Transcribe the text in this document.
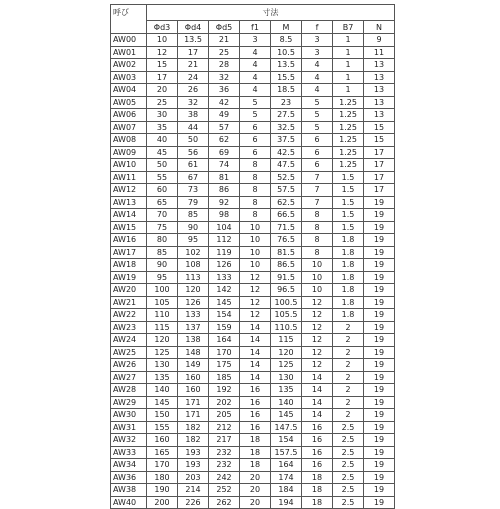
呼び	寸法							
	Φd3	Φd4	Φd5	f1	M	f	B7	N
AW00	10	13.5	21	3	8.5	3	1	9
AW01	12	17	25	4	10.5	3	1	11
AW02	15	21	28	4	13.5	4	1	13
AW03	17	24	32	4	15.5	4	1	13
AW04	20	26	36	4	18.5	4	1	13
AW05	25	32	42	5	23	5	1.25	13
AW06	30	38	49	5	27.5	5	1.25	13
AW07	35	44	57	6	32.5	5	1.25	15
AW08	40	50	62	6	37.5	6	1.25	15
AW09	45	56	69	6	42.5	6	1.25	17
AW10	50	61	74	8	47.5	6	1.25	17
AW11	55	67	81	8	52.5	7	1.5	17
AW12	60	73	86	8	57.5	7	1.5	17
AW13	65	79	92	8	62.5	7	1.5	19
AW14	70	85	98	8	66.5	8	1.5	19
AW15	75	90	104	10	71.5	8	1.5	19
AW16	80	95	112	10	76.5	8	1.8	19
AW17	85	102	119	10	81.5	8	1.8	19
AW18	90	108	126	10	86.5	10	1.8	19
AW19	95	113	133	12	91.5	10	1.8	19
AW20	100	120	142	12	96.5	10	1.8	19
AW21	105	126	145	12	100.5	12	1.8	19
AW22	110	133	154	12	105.5	12	1.8	19
AW23	115	137	159	14	110.5	12	2	19
AW24	120	138	164	14	115	12	2	19
AW25	125	148	170	14	120	12	2	19
AW26	130	149	175	14	125	12	2	19
AW27	135	160	185	14	130	14	2	19
AW28	140	160	192	16	135	14	2	19
AW29	145	171	202	16	140	14	2	19
AW30	150	171	205	16	145	14	2	19
AW31	155	182	212	16	147.5	16	2.5	19
AW32	160	182	217	18	154	16	2.5	19
AW33	165	193	232	18	157.5	16	2.5	19
AW34	170	193	232	18	164	16	2.5	19
AW36	180	203	242	20	174	18	2.5	19
AW38	190	214	252	20	184	18	2.5	19
AW40	200	226	262	20	194	18	2.5	19
